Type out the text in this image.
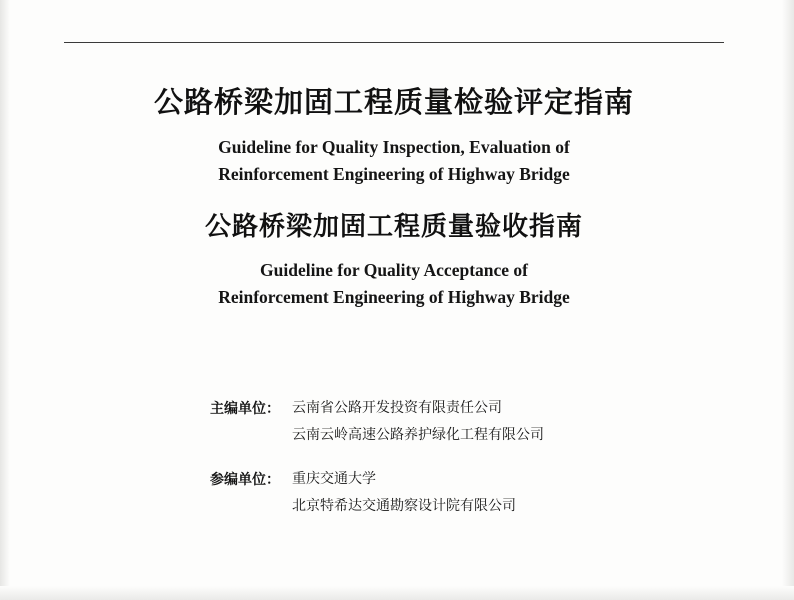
公路桥梁加固工程质量检验评定指南
Guideline for Quality Inspection, Evaluation of
Reinforcement Engineering of Highway Bridge
公路桥梁加固工程质量验收指南
Guideline for Quality Acceptance of
Reinforcement Engineering of Highway Bridge
主编单位： 云南省公路开发投资有限责任公司
云南云岭高速公路养护绿化工程有限公司
参编单位： 重庆交通大学
北京特希达交通勘察设计院有限公司
